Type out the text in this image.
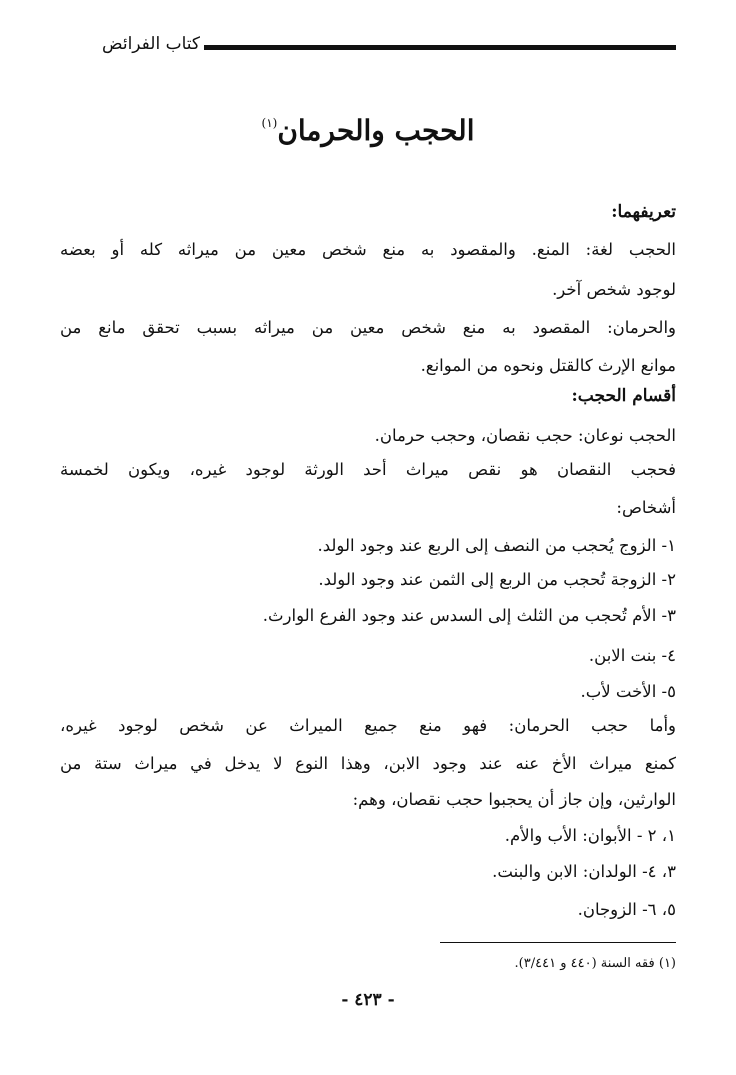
كتاب الفرائض
الحجب والحرمان$^{(١)}$
تعريفهما:
الحجب لغة: المنع. والمقصود به منع شخص معين من ميراثه كله أو بعضه
لوجود شخص آخر.
والحرمان: المقصود به منع شخص معين من ميراثه بسبب تحقق مانع من
موانع الإرث كالقتل ونحوه من الموانع.
أقسام الحجب:
الحجب نوعان: حجب نقصان، وحجب حرمان.
فحجب النقصان هو نقص ميراث أحد الورثة لوجود غيره، ويكون لخمسة
أشخاص:
١- الزوج يُحجب من النصف إلى الربع عند وجود الولد.
٢- الزوجة تُحجب من الربع إلى الثمن عند وجود الولد.
٣- الأم تُحجب من الثلث إلى السدس عند وجود الفرع الوارث.
٤- بنت الابن.
٥- الأخت لأب.
وأما حجب الحرمان: فهو منع جميع الميراث عن شخص لوجود غيره،
كمنع ميراث الأخ عنه عند وجود الابن، وهذا النوع لا يدخل في ميراث ستة من
الوارثين، وإن جاز أن يحجبوا حجب نقصان، وهم:
١، ٢ - الأبوان: الأب والأم.
٣، ٤- الولدان: الابن والبنت.
٥، ٦- الزوجان.
(١) فقه السنة (٤٤٠ و ٣/٤٤١).
- ٤٢٣ -
